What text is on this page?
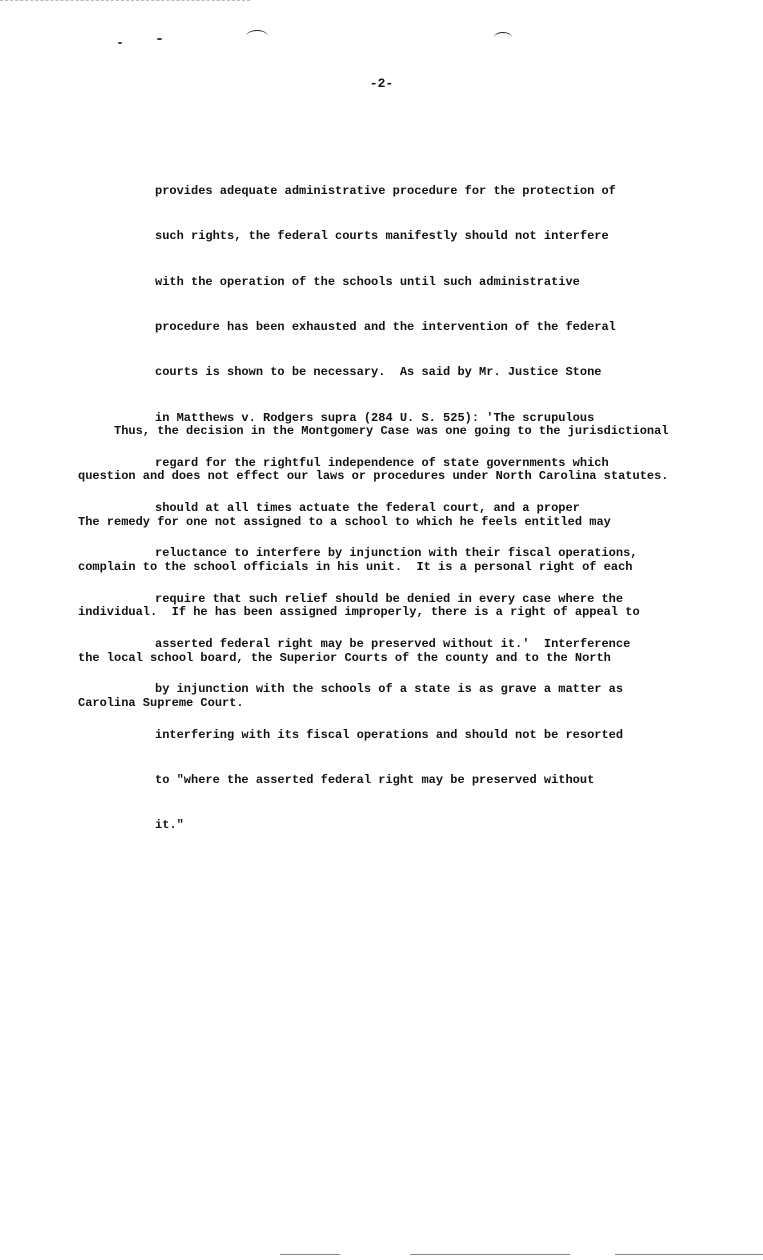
-2-

provides adequate administrative procedure for the protection of

such rights, the federal courts manifestly should not interfere

with the operation of the schools until such administrative

procedure has been exhausted and the intervention of the federal

courts is shown to be necessary.  As said by Mr. Justice Stone

in Matthews v. Rodgers supra (284 U. S. 525): 'The scrupulous

regard for the rightful independence of state governments which

should at all times actuate the federal court, and a proper

reluctance to interfere by injunction with their fiscal operations,

require that such relief should be denied in every case where the

asserted federal right may be preserved without it.'  Interference

by injunction with the schools of a state is as grave a matter as

interfering with its fiscal operations and should not be resorted

to "where the asserted federal right may be preserved without

it."

Thus, the decision in the Montgomery Case was one going to the jurisdictional

question and does not effect our laws or procedures under North Carolina statutes.

The remedy for one not assigned to a school to which he feels entitled may

complain to the school officials in his unit.  It is a personal right of each

individual.  If he has been assigned improperly, there is a right of appeal to

the local school board, the Superior Courts of the county and to the North

Carolina Supreme Court.
